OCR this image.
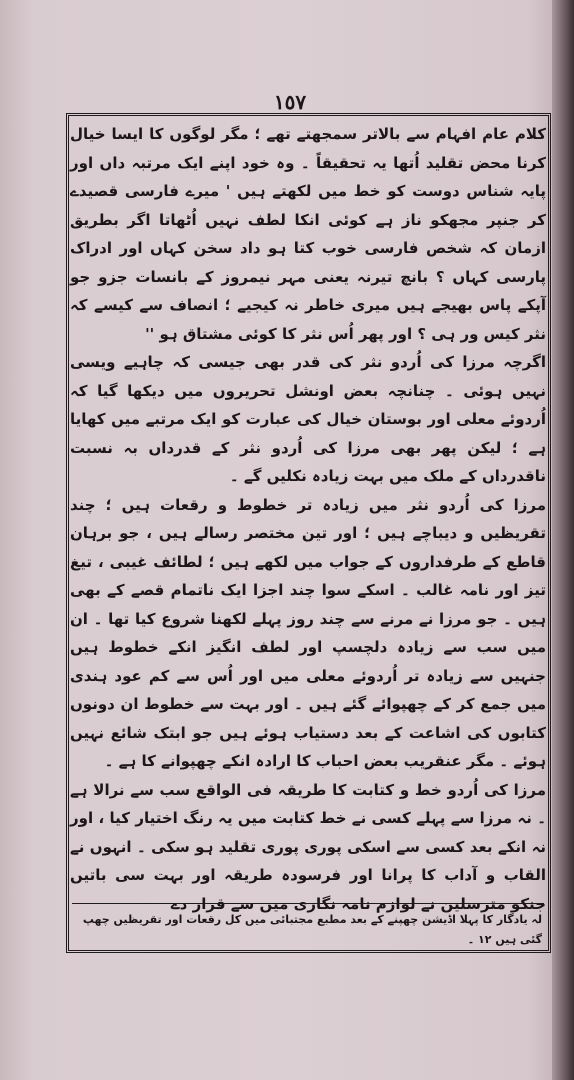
١٥٧

کلام عام افہام سے بالاتر سمجھتے تھے ؛ مگر لوگوں کا ایسا خیال کرنا محض تقلید اُتھا یہ تحقیقاً ۔ وہ خود اپنے ایک مرتبہ داں اور پایہ شناس دوست کو خط میں لکھتے ہیں ' میرے فارسی قصیدے کر جنپر مجھکو ناز ہے کوئی انکا لطف نہیں اُٹھاتا اگر بطریق ازمان کہ شخص فارسی خوب کتا ہو داد سخن کہاں اور ادراک پارسی کہاں ؟ بانچ تیرنہ یعنی مہر نیمروز کے بانسات جزو جو آپکے پاس بھیجے ہیں میری خاطر نہ کیجیے ؛ انصاف سے کیسے کہ نثر کیس ور ہی ؟ اور پھر اُس نثر کا کوئی مشتاق ہو ''

اگرچہ مرزا کی اُردو نثر کی قدر بھی جیسی کہ چاہیے ویسی نہیں ہوئی ۔ چنانچہ بعض اونشل تحریروں میں دیکھا گیا کہ اُردوئے معلی اور بوستان خیال کی عبارت کو ایک مرتبے میں کھایا ہے ؛ لیکن پھر بھی مرزا کی اُردو نثر کے قدرداں بہ نسبت ناقدرداں کے ملک میں بہت زیادہ نکلیں گے ۔

مرزا کی اُردو نثر میں زیادہ تر خطوط و رقعات ہیں ؛ چند تقریظیں و دیباچے ہیں ؛ اور تین مختصر رسالے ہیں ، جو برہان قاطع کے طرفداروں کے جواب میں لکھے ہیں ؛ لطائف غیبی ، تیغ تیز اور نامہ غالب ۔ اسکے سوا چند اجزا ایک ناتمام قصے کے بھی ہیں ۔ جو مرزا نے مرنے سے چند روز پہلے لکھنا شروع کیا تھا ۔ ان میں سب سے زیادہ دلچسپ اور لطف انگیز انکے خطوط ہیں جنہیں سے زیادہ تر اُردوئے معلی میں اور اُس سے کم عود ہندی میں جمع کر کے چھپوائے گئے ہیں ۔ اور بہت سے خطوط ان دونوں کتابوں کی اشاعت کے بعد دستیاب ہوئے ہیں جو ابتک شائع نہیں ہوئے ۔ مگر عنقریب بعض احباب کا ارادہ انکے چھپوانے کا ہے ۔

مرزا کی اُردو خط و کتابت کا طریقہ فی الواقع سب سے نرالا ہے ۔ نہ مرزا سے پہلے کسی نے خط کتابت میں یہ رنگ اختیار کیا ، اور نہ انکے بعد کسی سے اسکی پوری پوری تقلید ہو سکی ۔ انہوں نے القاب و آداب کا پرانا اور فرسودہ طریقہ اور بہت سی باتیں جنکو مترسلین نے لوازم نامہ نگاری میں سے قرار دے

لہ یادگار کا پہلا اڈیشن چھپنے کے بعد مطبع مجتبائی میں کل رقعات اور تقریظیں چھپ گئی ہیں ۱۲ ۔
